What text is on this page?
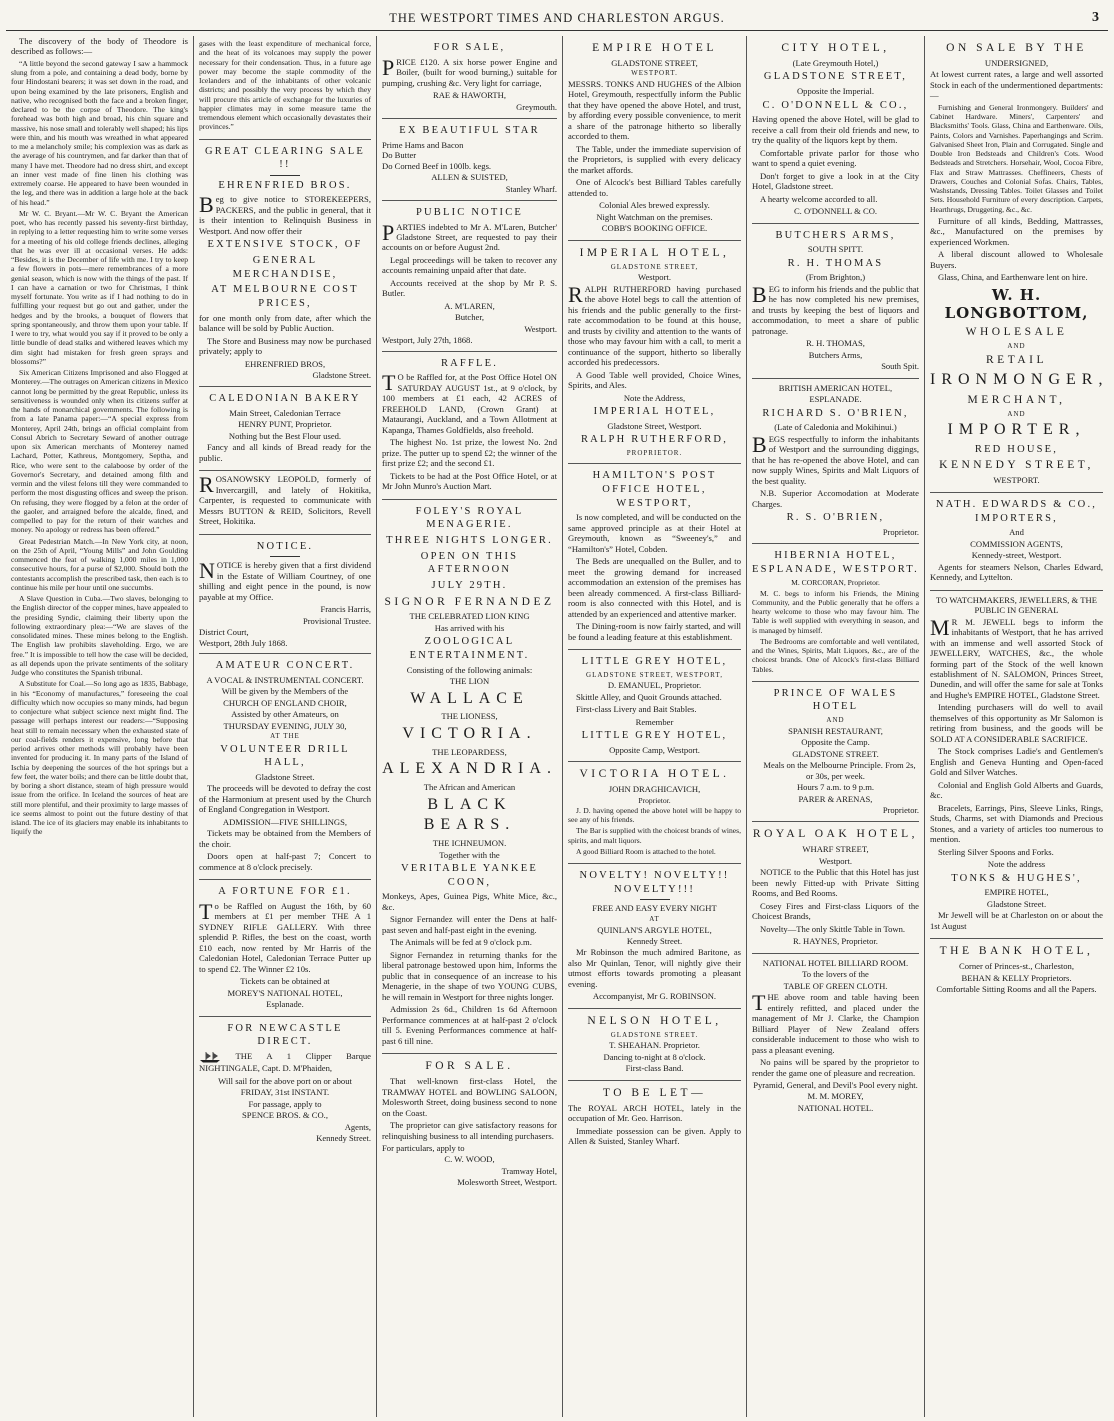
THE WESTPORT TIMES AND CHARLESTON ARGUS.	3

The discovery of the body of Theodore is described as follows:—

“A little beyond the second gateway I saw a hammock slung from a pole, and containing a dead body, borne by four Hindostani bearers; it was set down in the road, and upon being examined by the late prisoners, English and native, who recognised both the face and a broken finger, declared to be the corpse of Theodore. The king's forehead was both high and broad, his chin square and massive, his nose small and tolerably well shaped; his lips were thin, and his mouth was wreathed in what appeared to me a melancholy smile; his complexion was as dark as the average of his countrymen, and far darker than that of many I have met. Theodore had no dress shirt, and except an inner vest made of fine linen his clothing was extremely coarse. He appeared to have been wounded in the leg, and there was in addition a large hole at the back of his head.”

Mr W. C. Bryant.—Mr W. C. Bryant the American poet, who has recently passed his seventy-first birthday, in replying to a letter requesting him to write some verses for a meeting of his old college friends declines, alleging that he was ever ill at occasional verses. He adds: “Besides, it is the December of life with me. I try to keep a few flowers in pots—mere remembrances of a more genial season, which is now with the things of the past. If I can have a carnation or two for Christmas, I think myself fortunate. You write as if I had nothing to do in fulfilling your request but go out and gather, under the hedges and by the brooks, a bouquet of flowers that spring spontaneously, and throw them upon your table. If I were to try, what would you say if it proved to be only a little bundle of dead stalks and withered leaves which my dim sight had mistaken for fresh green sprays and blossoms?”

Six American Citizens Imprisoned and also Flogged at Monterey.—The outrages on American citizens in Mexico cannot long be permitted by the great Republic, unless its sensitiveness is wounded only when its citizens suffer at the hands of monarchical governments. The following is from a late Panama paper:—“A special express from Monterey, April 24th, brings an official complaint from Consul Abrich to Secretary Seward of another outrage upon six American merchants of Monterey named Lachard, Potter, Kathreus, Montgomery, Septha, and Rice, who were sent to the calaboose by order of the Governor's Secretary, and detained among filth and vermin and the vilest felons till they were commanded to perform the most disgusting offices and sweep the prison. On refusing, they were flogged by a felon at the order of the gaoler, and arraigned before the alcalde, fined, and compelled to pay for the return of their watches and money. No apology or redress has been offered.”

Great Pedestrian Match.—In New York city, at noon, on the 25th of April, “Young Mills” and John Goulding commenced the feat of walking 1,000 miles in 1,000 consecutive hours, for a purse of $2,000. Should both the contestants accomplish the prescribed task, then each is to continue his mile per hour until one succumbs.

A Slave Question in Cuba.—Two slaves, belonging to the English director of the copper mines, have appealed to the presiding Syndic, claiming their liberty upon the following extraordinary plea:—“We are slaves of the consolidated mines. These mines belong to the English. The English law prohibits slaveholding. Ergo, we are free.” It is impossible to tell how the case will be decided, as all depends upon the private sentiments of the solitary Judge who constitutes the Spanish tribunal.

A Substitute for Coal.—So long ago as 1835, Babbage, in his “Economy of manufactures,” foreseeing the coal difficulty which now occupies so many minds, had begun to conjecture what subject science next might find. The passage will perhaps interest our readers:—“Supposing heat still to remain necessary when the exhausted state of our coal-fields renders it expensive, long before that period arrives other methods will probably have been invented for producing it. In many parts of the Island of Ischia by deepening the sources of the hot springs but a few feet, the water boils; and there can be little doubt that, by boring a short distance, steam of high pressure would issue from the orifice. In Iceland the sources of heat are still more plentiful, and their proximity to large masses of ice seems almost to point out the future destiny of that island. The ice of its glaciers may enable its inhabitants to liquify the

gases with the least expenditure of mechanical force, and the heat of its volcanoes may supply the power necessary for their condensation. Thus, in a future age power may become the staple commodity of the Icelanders and of the inhabitants of other volcanic districts; and possibly the very process by which they will procure this article of exchange for the luxuries of happier climates may in some measure tame the tremendous element which occasionally devastates their provinces.”

GREAT CLEARING SALE !!
EHRENFRIED BROS.

Beg to give notice to STOREKEEPERS, PACKERS, and the public in general, that it is their intention to Relinquish Business in Westport. And now offer their

EXTENSIVE STOCK, OF
GENERAL MERCHANDISE,
AT MELBOURNE COST PRICES,

for one month only from date, after which the balance will be sold by Public Auction.

The Store and Business may now be purchased privately; apply to

EHRENFRIED BROS,
Gladstone Street.
CALEDONIAN BAKERY
Main Street, Caledonian Terrace
HENRY PUNT, Proprietor.
Nothing but the Best Flour used.

Fancy and all kinds of Bread ready for the public.

ROSANOWSKY LEOPOLD, formerly of Invercargill, and lately of Hokitika, Carpenter, is requested to communicate with Messrs BUTTON & REID, Solicitors, Revell Street, Hokitika.

NOTICE.

NOTICE is hereby given that a first dividend in the Estate of William Courtney, of one shilling and eight pence in the pound, is now payable at my Office.

Francis Harris,
Provisional Trustee.
District Court,
Westport, 28th July 1868.
AMATEUR CONCERT.
A VOCAL & INSTRUMENTAL CONCERT.
Will be given by the Members of the
CHURCH OF ENGLAND CHOIR,
Assisted by other Amateurs, on
THURSDAY EVENING, JULY 30,
AT THE
VOLUNTEER DRILL HALL,
Gladstone Street.

The proceeds will be devoted to defray the cost of the Harmonium at present used by the Church of England Congregation in Westport.

ADMISSION—FIVE SHILLINGS,

Tickets may be obtained from the Members of the choir.

Doors open at half-past 7; Concert to commence at 8 o'clock precisely.

A FORTUNE FOR £1.

To be Raffled on August the 16th, by 60 members at £1 per member THE A 1 SYDNEY RIFLE GALLERY. With three splendid P. Rifles, the best on the coast, worth £10 each, now rented by Mr Harris of the Caledonian Hotel, Caledonian Terrace Putter up to spend £2. The Winner £2 10s.

Tickets can be obtained at
MOREY'S NATIONAL HOTEL,
Esplanade.
FOR NEWCASTLE DIRECT.

THE A 1 Clipper Barque NIGHTINGALE, Capt. D. M'Phaiden,

Will sail for the above port on or about
FRIDAY, 31st INSTANT.
For passage, apply to
SPENCE BROS. & CO.,
Agents,
Kennedy Street.
FOR SALE,

PRICE £120. A six horse power Engine and Boiler, (built for wood burning,) suitable for pumping, crushing &c. Very light for carriage,

RAE & HAWORTH,
Greymouth.
EX BEAUTIFUL STAR
Prime Hams and Bacon
Do Butter
Do Corned Beef in 100lb. kegs.
ALLEN & SUISTED,
Stanley Wharf.
PUBLIC NOTICE

PARTIES indebted to Mr A. M'Laren, Butcher' Gladstone Street, are requested to pay their accounts on or before August 2nd.

Legal proceedings will be taken to recover any accounts remaining unpaid after that date.

Accounts received at the shop by Mr P. S. Butler.

A. M'LAREN,
Butcher,
Westport.
Westport, July 27th, 1868.
RAFFLE.

TO be Raffled for, at the Post Office Hotel ON SATURDAY AUGUST 1st., at 9 o'clock, by 100 members at £1 each, 42 ACRES of FREEHOLD LAND, (Crown Grant) at Mataurangi, Auckland, and a Town Allotment at Kapanga, Thames Goldfields, also freehold.

The highest No. 1st prize, the lowest No. 2nd prize. The putter up to spend £2; the winner of the first prize £2; and the second £1.

Tickets to be had at the Post Office Hotel, or at Mr John Munro's Auction Mart.

FOLEY'S ROYAL MENAGERIE.
THREE NIGHTS LONGER.
OPEN ON THIS AFTERNOON
JULY 29TH.
SIGNOR FERNANDEZ
THE CELEBRATED LION KING
Has arrived with his
ZOOLOGICAL ENTERTAINMENT.
Consisting of the following animals:
THE LION
WALLACE
THE LIONESS,
VICTORIA.
THE LEOPARDESS,
ALEXANDRIA.
The African and American
BLACK BEARS.
THE ICHNEUMON.
Together with the
VERITABLE YANKEE COON,

Monkeys, Apes, Guinea Pigs, White Mice, &c., &c.

Signor Fernandez will enter the Dens at half-past seven and half-past eight in the evening.

The Animals will be fed at 9 o'clock p.m.

Signor Fernandez in returning thanks for the liberal patronage bestowed upon him, Informs the public that in consequence of an increase to his Menagerie, in the shape of two YOUNG CUBS, he will remain in Westport for three nights longer.

Admission 2s 6d., Children 1s 6d Afternoon Performance commences at at half-past 2 o'clock till 5. Evening Performances commence at half-past 6 till nine.

FOR SALE.

That well-known first-class Hotel, the TRAMWAY HOTEL and BOWLING SALOON, Molesworth Street, doing business second to none on the Coast.

The proprietor can give satisfactory reasons for relinquishing business to all intending purchasers.

For particulars, apply to
C. W. WOOD,
Tramway Hotel,
Molesworth Street, Westport.
EMPIRE HOTEL
GLADSTONE STREET,
WESTPORT.

MESSRS. TONKS AND HUGHES of the Albion Hotel, Greymouth, respectfully inform the Public that they have opened the above Hotel, and trust, by affording every possible convenience, to merit a share of the patronage hitherto so liberally accorded to them.

The Table, under the immediate supervision of the Proprietors, is supplied with every delicacy the market affords.

One of Alcock's best Billiard Tables carefully attended to.

Colonial Ales brewed expressly.
Night Watchman on the premises.
COBB'S BOOKING OFFICE.
IMPERIAL HOTEL,
GLADSTONE STREET,
Westport.

RALPH RUTHERFORD having purchased the above Hotel begs to call the attention of his friends and the public generally to the first-rate accommodation to be found at this house, and trusts by civility and attention to the wants of those who may favour him with a call, to merit a continuance of the support, hitherto so liberally accorded his predecessors.

A Good Table well provided, Choice Wines, Spirits, and Ales.

Note the Address,
IMPERIAL HOTEL,
Gladstone Street, Westport.
RALPH RUTHERFORD,
PROPRIETOR.
HAMILTON'S POST OFFICE HOTEL, WESTPORT,

Is now completed, and will be conducted on the same approved principle as at their Hotel at Greymouth, known as “Sweeney's,” and “Hamilton's” Hotel, Cobden.

The Beds are unequalled on the Buller, and to meet the growing demand for increased accommodation an extension of the premises has been already commenced. A first-class Billiard-room is also connected with this Hotel, and is attended by an experienced and attentive marker.

The Dining-room is now fairly started, and will be found a leading feature at this establishment.

LITTLE GREY HOTEL,
GLADSTONE STREET, WESTPORT,
D. EMANUEL, Proprietor.

Skittle Alley, and Quoit Grounds attached.

First-class Livery and Bait Stables.

Remember
LITTLE GREY HOTEL,
Opposite Camp, Westport.
VICTORIA HOTEL.
JOHN DRAGHICAVICH,
Proprietor.

J. D. having opened the above hotel will be happy to see any of his friends.

The Bar is supplied with the choicest brands of wines, spirits, and malt liquors.

A good Billiard Room is attached to the hotel.

NOVELTY! NOVELTY!! NOVELTY!!!
FREE AND EASY EVERY NIGHT
AT
QUINLAN'S ARGYLE HOTEL,
Kennedy Street.

Mr Robinson the much admired Baritone, as also Mr Quinlan, Tenor, will nightly give their utmost efforts towards promoting a pleasant evening.

Accompanyist, Mr G. ROBINSON.
NELSON HOTEL,
GLADSTONE STREET.
T. SHEAHAN. Proprietor.
Dancing to-night at 8 o'clock.
First-class Band.
TO BE LET—

The ROYAL ARCH HOTEL, lately in the occupation of Mr. Geo. Harrison.

Immediate possession can be given. Apply to Allen & Suisted, Stanley Wharf.

CITY HOTEL,
(Late Greymouth Hotel,)
GLADSTONE STREET,
Opposite the Imperial.
C. O'DONNELL & CO.,

Having opened the above Hotel, will be glad to receive a call from their old friends and new, to try the quality of the liquors kept by them.

Comfortable private parlor for those who want to spend a quiet evening.

Don't forget to give a look in at the City Hotel, Gladstone street.

A hearty welcome accorded to all.

C. O'DONNELL & CO.
BUTCHERS ARMS,
SOUTH SPITT.
R. H. THOMAS
(From Brighton,)

BEG to inform his friends and the public that he has now completed his new premises, and trusts by keeping the best of liquors and accommodation, to meet a share of public patronage.

R. H. THOMAS,
Butchers Arms,
South Spit.
BRITISH AMERICAN HOTEL,
ESPLANADE.
RICHARD S. O'BRIEN,
(Late of Caledonia and Mokihinui.)

BEGS respectfully to inform the inhabitants of Westport and the surrounding diggings, that he has re-opened the above Hotel, and can now supply Wines, Spirits and Malt Liquors of the best quality.

N.B. Superior Accomodation at Moderate Charges.

R. S. O'BRIEN,
Proprietor.
HIBERNIA HOTEL, ESPLANADE, WESTPORT.
M. CORCORAN, Proprietor.

M. C. begs to inform his Friends, the Mining Community, and the Public generally that he offers a hearty welcome to those who may favour him. The Table is well supplied with everything in season, and is managed by himself.

The Bedrooms are comfortable and well ventilated, and the Wines, Spirits, Malt Liquors, &c., are of the choicest brands. One of Alcock's first-class Billiard Tables.

PRINCE OF WALES HOTEL
AND
SPANISH RESTAURANT,
Opposite the Camp.
GLADSTONE STREET.

Meals on the Melbourne Principle. From 2s, or 30s, per week.

Hours 7 a.m. to 9 p.m.
PARER & ARENAS,
Proprietor.
ROYAL OAK HOTEL,
WHARF STREET,
Westport.

NOTICE to the Public that this Hotel has just been newly Fitted-up with Private Sitting Rooms, and Bed Rooms.

Cosey Fires and First-class Liquors of the Choicest Brands,

Novelty—The only Skittle Table in Town.

R. HAYNES, Proprietor.
NATIONAL HOTEL BILLIARD ROOM.
To the lovers of the
TABLE OF GREEN CLOTH.

THE above room and table having been entirely refitted, and placed under the management of Mr J. Clarke, the Champion Billiard Player of New Zealand offers considerable inducement to those who wish to pass a pleasant evening.

No pains will be spared by the proprietor to render the game one of pleasure and recreation.

Pyramid, General, and Devil's Pool every night.
M. M. MOREY,
NATIONAL HOTEL.
ON SALE BY THE
UNDERSIGNED,

At lowest current rates, a large and well assorted Stock in each of the undermentioned departments:—

Furnishing and General Ironmongery. Builders' and Cabinet Hardware. Miners', Carpenters' and Blacksmiths' Tools. Glass, China and Earthenware. Oils, Paints, Colors and Varnishes. Paperhangings and Scrim. Galvanised Sheet Iron, Plain and Corrugated. Single and Double Iron Bedsteads and Children's Cots. Wood Bedsteads and Stretchers. Horsehair, Wool, Cocoa Fibre, Flax and Straw Mattrasses. Cheffineers, Chests of Drawers, Couches and Colonial Sofas. Chairs, Tables, Washstands, Dressing Tables. Toilet Glasses and Toilet Sets. Household Furniture of every description. Carpets, Hearthrugs, Druggeting, &c., &c.

Furniture of all kinds, Bedding, Mattrasses, &c., Manufactured on the premises by experienced Workmen.

A liberal discount allowed to Wholesale Buyers.

Glass, China, and Earthenware lent on hire.

W. H. LONGBOTTOM,
WHOLESALE
AND
RETAIL
IRONMONGER,
MERCHANT,
AND
IMPORTER,
RED HOUSE,
KENNEDY STREET,
WESTPORT.
NATH. EDWARDS & CO., IMPORTERS,
And
COMMISSION AGENTS,
Kennedy-street, Westport.

Agents for steamers Nelson, Charles Edward, Kennedy, and Lyttelton.

TO WATCHMAKERS, JEWELLERS, & THE PUBLIC IN GENERAL

MR M. JEWELL begs to inform the inhabitants of Westport, that he has arrived with an immense and well assorted Stock of JEWELLERY, WATCHES, &c., the whole forming part of the Stock of the well known establishment of N. SALOMON, Princes Street, Dunedin, and will offer the same for sale at Tonks and Hughe's EMPIRE HOTEL, Gladstone Street.

Intending purchasers will do well to avail themselves of this opportunity as Mr Salomon is retiring from business, and the goods will be SOLD AT A CONSIDERABLE SACRIFICE.

The Stock comprises Ladie's and Gentlemen's English and Geneva Hunting and Open-faced Gold and Silver Watches.

Colonial and English Gold Alberts and Guards, &c.

Bracelets, Earrings, Pins, Sleeve Links, Rings, Studs, Charms, set with Diamonds and Precious Stones, and a variety of articles too numerous to mention.

Sterling Silver Spoons and Forks.

Note the address
TONKS & HUGHES',
EMPIRE HOTEL,
Gladstone Street.

Mr Jewell will be at Charleston on or about the 1st August

THE BANK HOTEL,
Corner of Princes-st., Charleston,
BEHAN & KELLY Proprietors.
Comfortable Sitting Rooms and all the Papers.
